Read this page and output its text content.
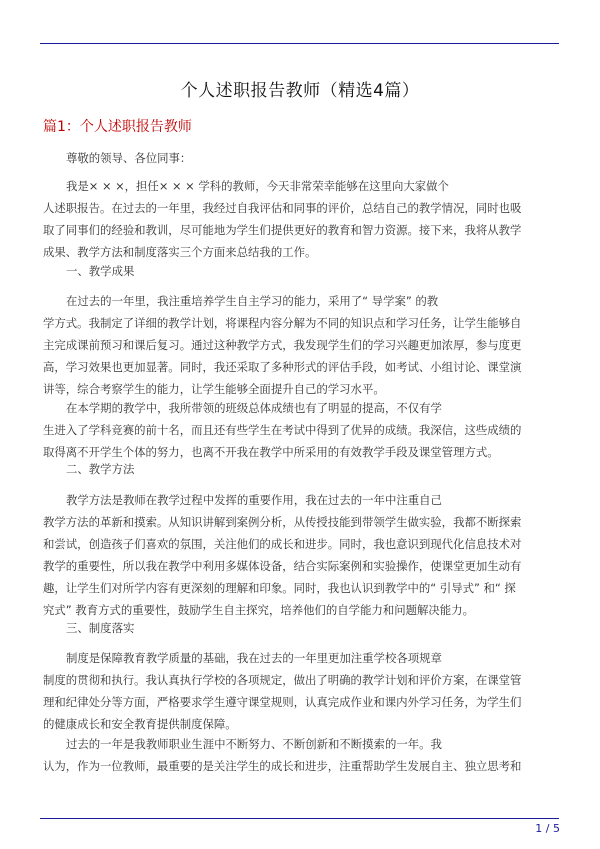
个人述职报告教师（精选4篇）
篇1：个人述职报告教师
尊敬的领导、各位同事：
我是× × ×，担任× × × 学科的教师，今天非常荣幸能够在这里向大家做个
人述职报告。在过去的一年里，我经过自我评估和同事的评价，总结自己的教学情况，同时也吸
取了同事们的经验和教训，尽可能地为学生们提供更好的教育和智力资源。接下来，我将从教学
成果、教学方法和制度落实三个方面来总结我的工作。
一、教学成果
在过去的一年里，我注重培养学生自主学习的能力，采用了“ 导学案” 的教
学方式。我制定了详细的教学计划，将课程内容分解为不同的知识点和学习任务，让学生能够自
主完成课前预习和课后复习。通过这种教学方式，我发现学生们的学习兴趣更加浓厚，参与度更
高，学习效果也更加显著。同时，我还采取了多种形式的评估手段，如考试、小组讨论、课堂演
讲等，综合考察学生的能力，让学生能够全面提升自己的学习水平。
在本学期的教学中，我所带领的班级总体成绩也有了明显的提高，不仅有学
生进入了学科竞赛的前十名，而且还有些学生在考试中得到了优异的成绩。我深信，这些成绩的
取得离不开学生个体的努力，也离不开我在教学中所采用的有效教学手段及课堂管理方式。
二、教学方法
教学方法是教师在教学过程中发挥的重要作用，我在过去的一年中注重自己
教学方法的革新和摸索。从知识讲解到案例分析，从传授技能到带领学生做实验，我都不断探索
和尝试，创造孩子们喜欢的氛围，关注他们的成长和进步。同时，我也意识到现代化信息技术对
教学的重要性，所以我在教学中利用多媒体设备，结合实际案例和实验操作，使课堂更加生动有
趣，让学生们对所学内容有更深刻的理解和印象。同时，我也认识到教学中的“ 引导式” 和“ 探
究式” 教育方式的重要性，鼓励学生自主探究，培养他们的自学能力和问题解决能力。
三、制度落实
制度是保障教育教学质量的基础，我在过去的一年里更加注重学校各项规章
制度的贯彻和执行。我认真执行学校的各项规定，做出了明确的教学计划和评价方案，在课堂管
理和纪律处分等方面，严格要求学生遵守课堂规则，认真完成作业和课内外学习任务，为学生们
的健康成长和安全教育提供制度保障。
过去的一年是我教师职业生涯中不断努力、不断创新和不断摸索的一年。我
认为，作为一位教师，最重要的是关注学生的成长和进步，注重帮助学生发展自主、独立思考和
1 / 5
